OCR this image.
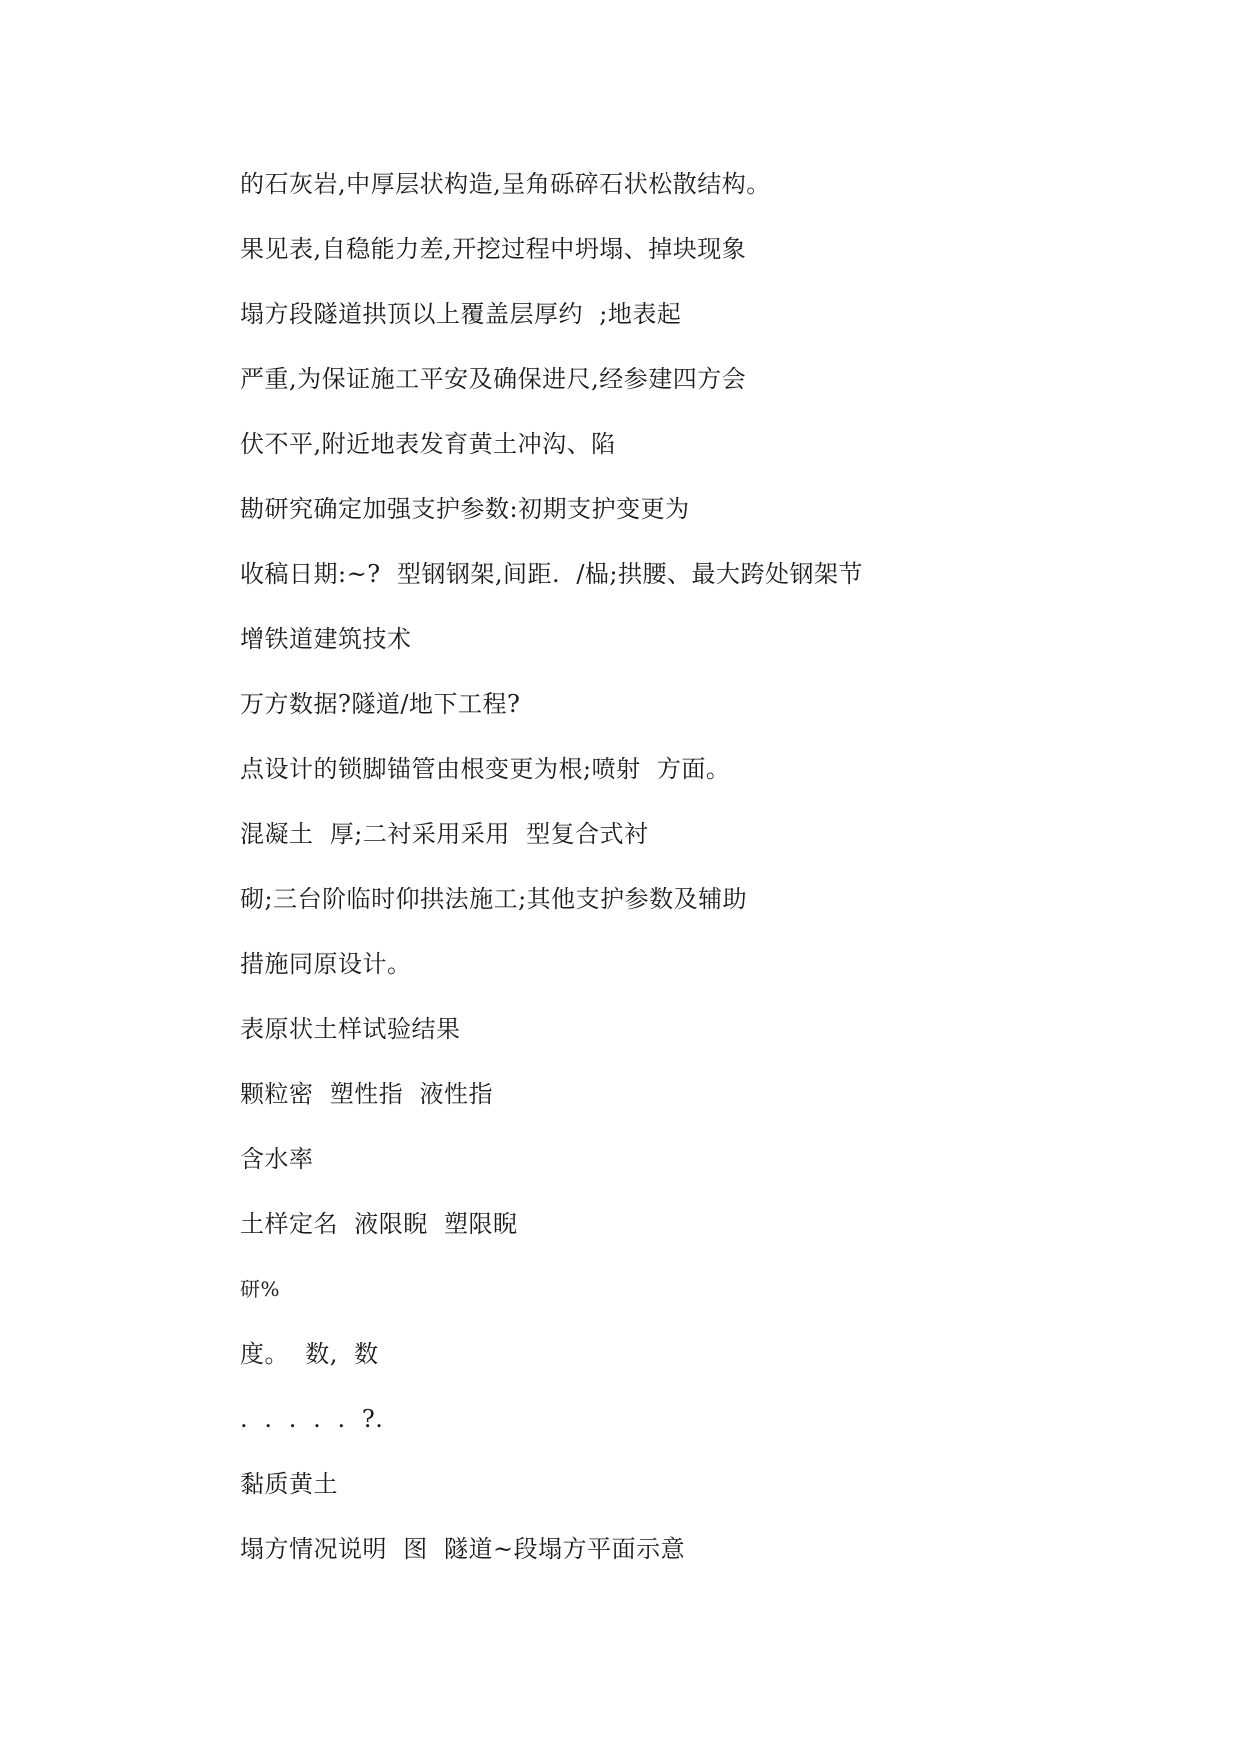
的石灰岩,中厚层状构造,呈角砾碎石状松散结构。
果见表,自稳能力差,开挖过程中坍塌、掉块现象
塌方段隧道拱顶以上覆盖层厚约  ;地表起
严重,为保证施工平安及确保进尺,经参建四方会
伏不平,附近地表发育黄土冲沟、陷
勘研究确定加强支护参数:初期支护变更为
收稿日期:~?  型钢钢架,间距.  /榀;拱腰、最大跨处钢架节
增铁道建筑技术
万方数据?隧道/地下工程?
点设计的锁脚锚管由根变更为根;喷射  方面。
混凝土  厚;二衬采用采用  型复合式衬
砌;三台阶临时仰拱法施工;其他支护参数及辅助
措施同原设计。
表原状土样试验结果
颗粒密  塑性指  液性指
含水率
土样定名  液限睨  塑限睨
研%
度。  数,  数
.  .  .  .  .  ?.
黏质黄土
塌方情况说明  图  隧道~段塌方平面示意
